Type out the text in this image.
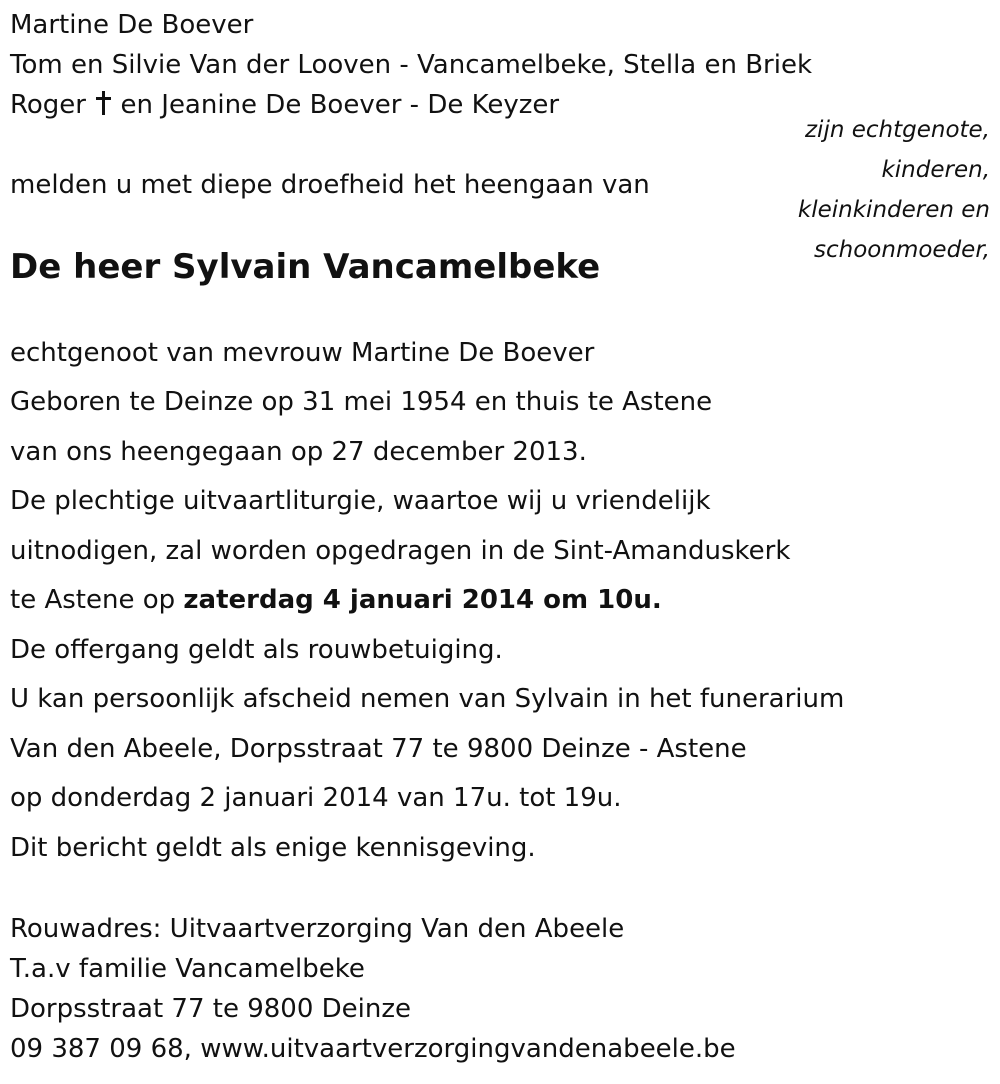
Martine De Boever
Tom en Silvie Van der Looven - Vancamelbeke, Stella en Briek
Roger en Jeanine De Boever - De Keyzer
melden u met diepe droefheid het heengaan van
zijn echtgenote,
kinderen,
kleinkinderen en
schoonmoeder,
De heer Sylvain Vancamelbeke
echtgenoot van mevrouw Martine De Boever
Geboren te Deinze op 31 mei 1954 en thuis te Astene
van ons heengegaan op 27 december 2013.
De plechtige uitvaartliturgie, waartoe wij u vriendelijk
uitnodigen, zal worden opgedragen in de Sint-Amanduskerk
te Astene op zaterdag 4 januari 2014 om 10u.
De offergang geldt als rouwbetuiging.
U kan persoonlijk afscheid nemen van Sylvain in het funerarium
Van den Abeele, Dorpsstraat 77 te 9800 Deinze - Astene
op donderdag 2 januari 2014 van 17u. tot 19u.
Dit bericht geldt als enige kennisgeving.
Rouwadres: Uitvaartverzorging Van den Abeele
T.a.v familie Vancamelbeke
Dorpsstraat 77 te 9800 Deinze
09 387 09 68, www.uitvaartverzorgingvandenabeele.be
